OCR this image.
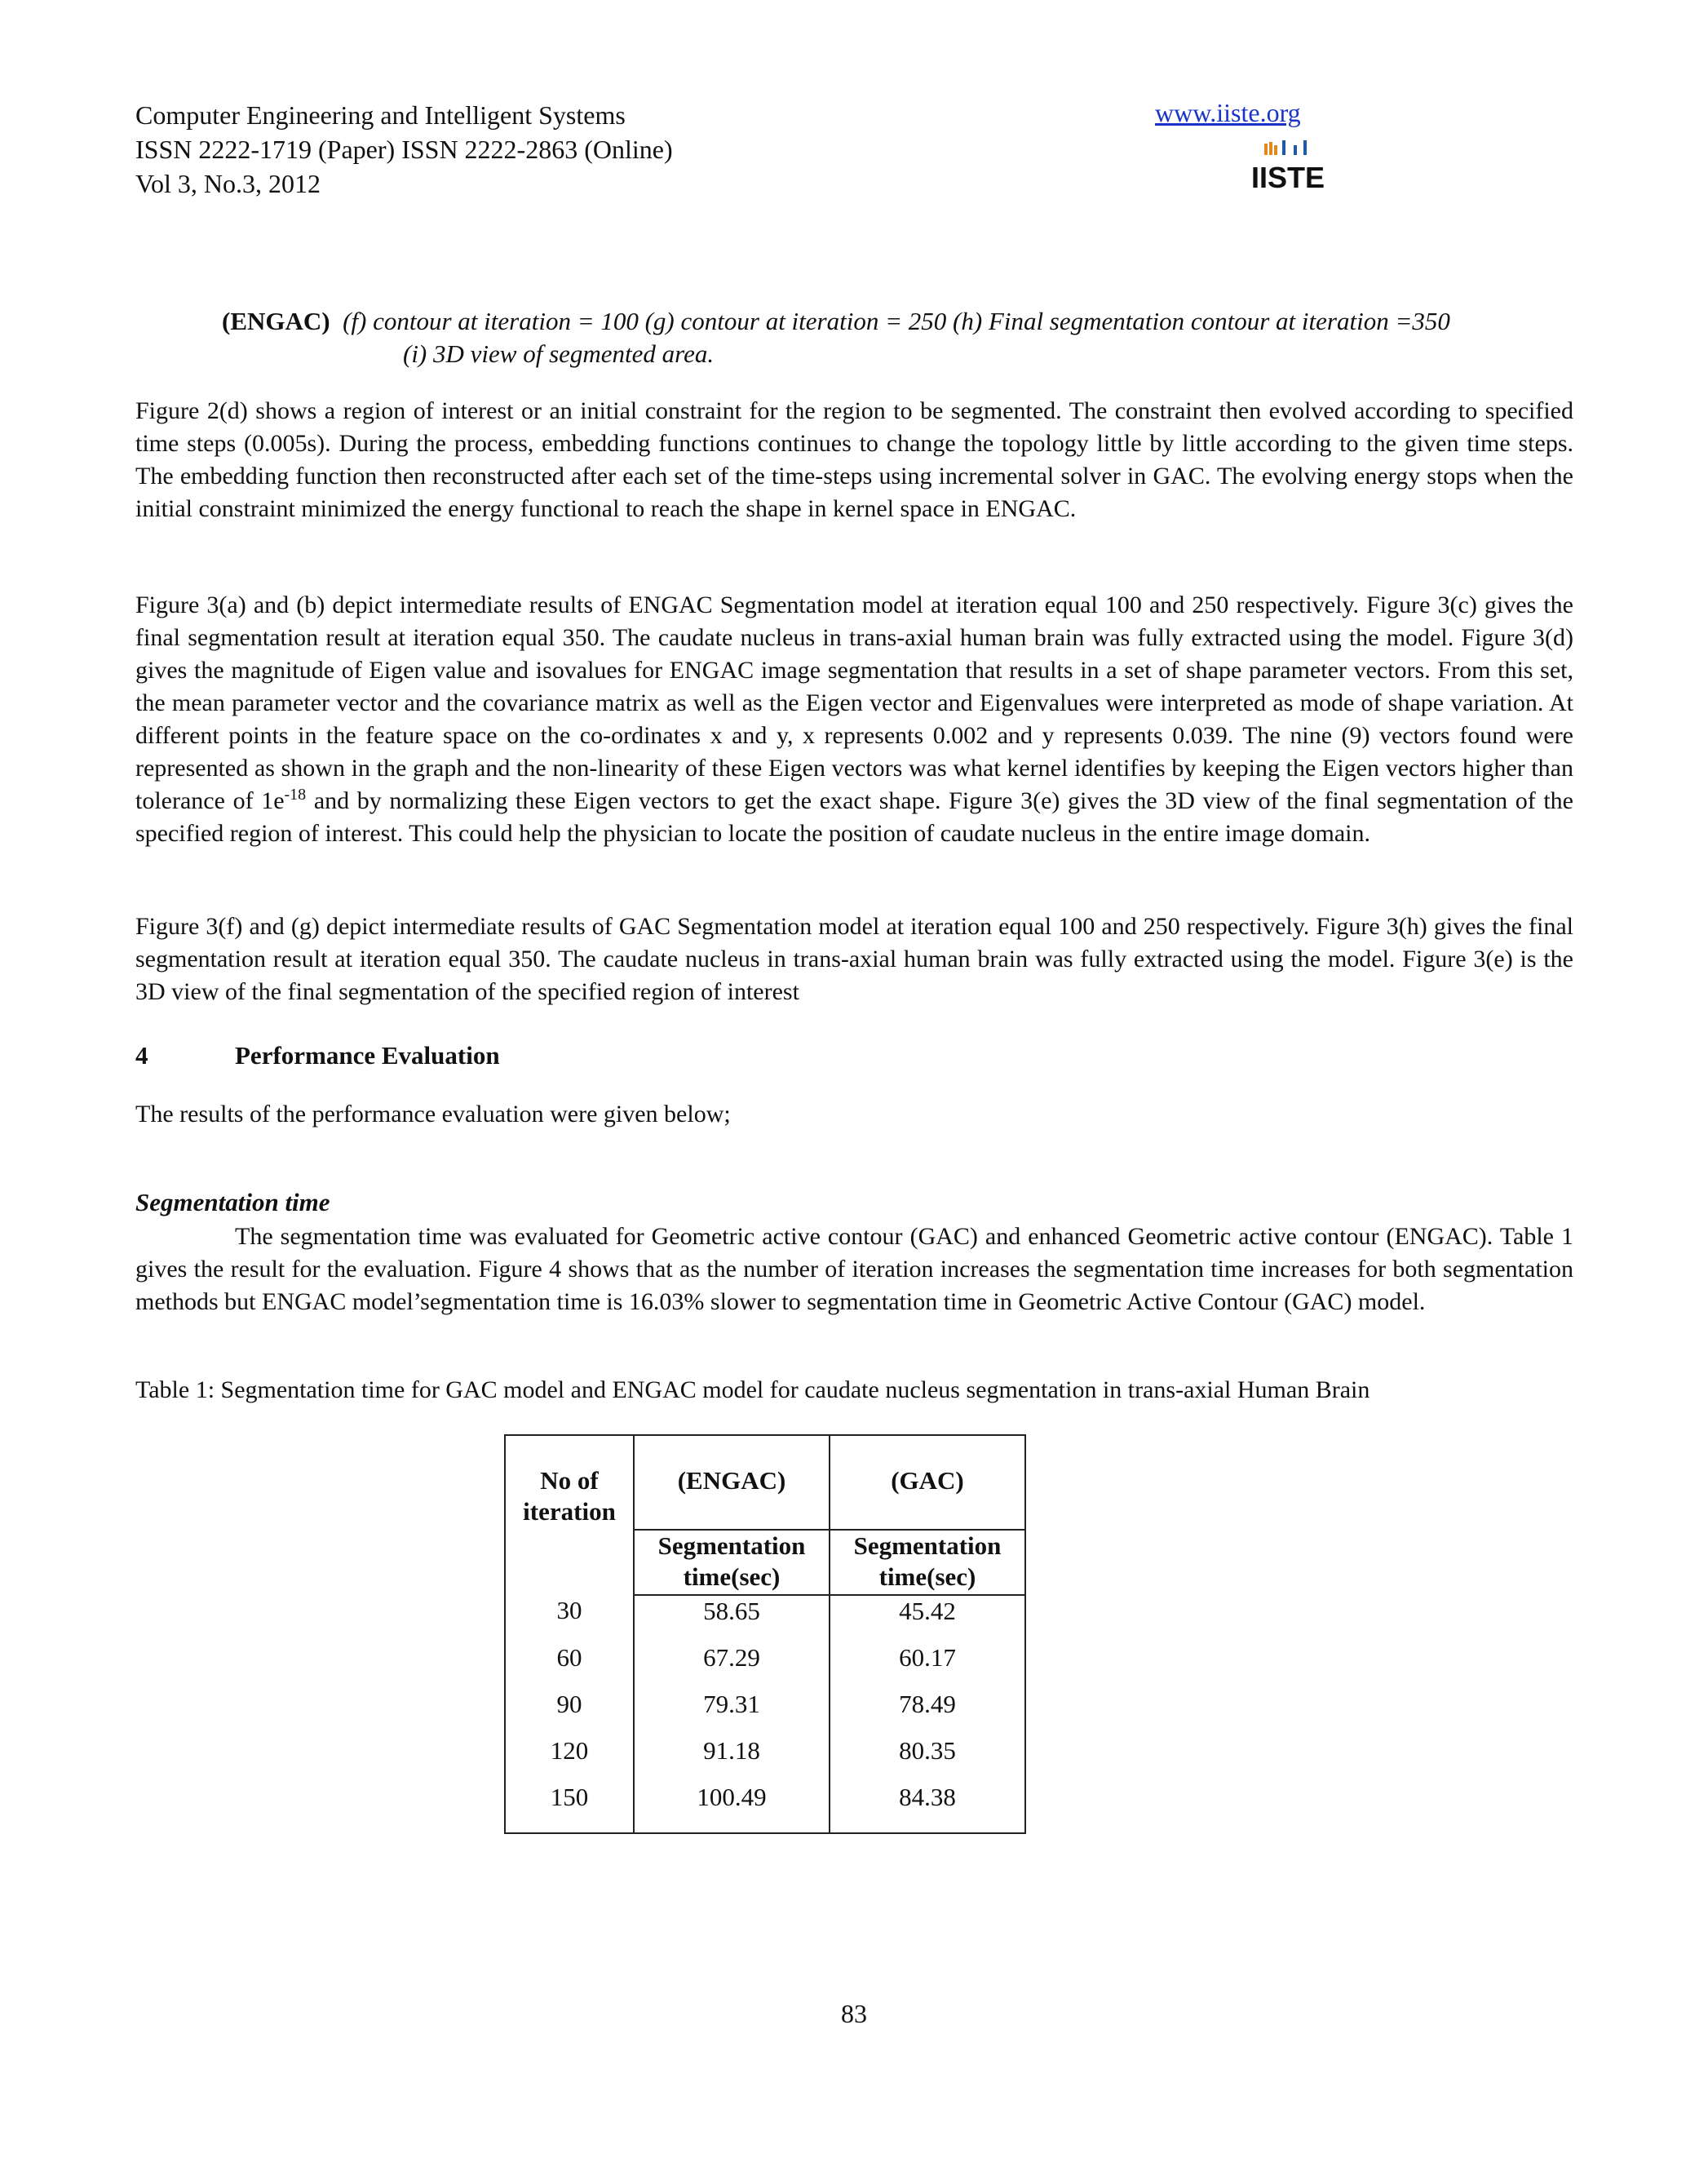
Computer Engineering and Intelligent Systems
ISSN 2222-1719 (Paper) ISSN 2222-2863 (Online)
Vol 3, No.3, 2012
www.iiste.org
IISTE
(ENGAC) (f) contour at iteration = 100 (g) contour at iteration = 250 (h) Final segmentation contour at iteration =350
(i) 3D view of segmented area.
Figure 2(d) shows a region of interest or an initial constraint for the region to be segmented. The constraint then evolved according to specified time steps (0.005s). During the process, embedding functions continues to change the topology little by little according to the given time steps. The embedding function then reconstructed after each set of the time-steps using incremental solver in GAC. The evolving energy stops when the initial constraint minimized the energy functional to reach the shape in kernel space in ENGAC.
Figure 3(a) and (b) depict intermediate results of ENGAC Segmentation model at iteration equal 100 and 250 respectively. Figure 3(c) gives the final segmentation result at iteration equal 350. The caudate nucleus in trans-axial human brain was fully extracted using the model. Figure 3(d) gives the magnitude of Eigen value and isovalues for ENGAC image segmentation that results in a set of shape parameter vectors. From this set, the mean parameter vector and the covariance matrix as well as the Eigen vector and Eigenvalues were interpreted as mode of shape variation. At different points in the feature space on the co-ordinates x and y, x represents 0.002 and y represents 0.039. The nine (9) vectors found were represented as shown in the graph and the non-linearity of these Eigen vectors was what kernel identifies by keeping the Eigen vectors higher than tolerance of $1e^{-18}$ and by normalizing these Eigen vectors to get the exact shape. Figure 3(e) gives the 3D view of the final segmentation of the specified region of interest. This could help the physician to locate the position of caudate nucleus in the entire image domain.
Figure 3(f) and (g) depict intermediate results of GAC Segmentation model at iteration equal 100 and 250 respectively. Figure 3(h) gives the final segmentation result at iteration equal 350. The caudate nucleus in trans-axial human brain was fully extracted using the model. Figure 3(e) is the 3D view of the final segmentation of the specified region of interest
4	Performance Evaluation
The results of the performance evaluation were given below;
Segmentation time
The segmentation time was evaluated for Geometric active contour (GAC) and enhanced Geometric active contour (ENGAC). Table 1 gives the result for the evaluation. Figure 4 shows that as the number of iteration increases the segmentation time increases for both segmentation methods but ENGAC model’segmentation time is 16.03% slower to segmentation time in Geometric Active Contour (GAC) model.
Table 1: Segmentation time for GAC model and ENGAC model for caudate nucleus segmentation in trans-axial Human Brain
No of iteration	(ENGAC)	(GAC)
	Segmentation time(sec)	Segmentation time(sec)
30	58.65	45.42
60	67.29	60.17
90	79.31	78.49
120	91.18	80.35
150	100.49	84.38
83
